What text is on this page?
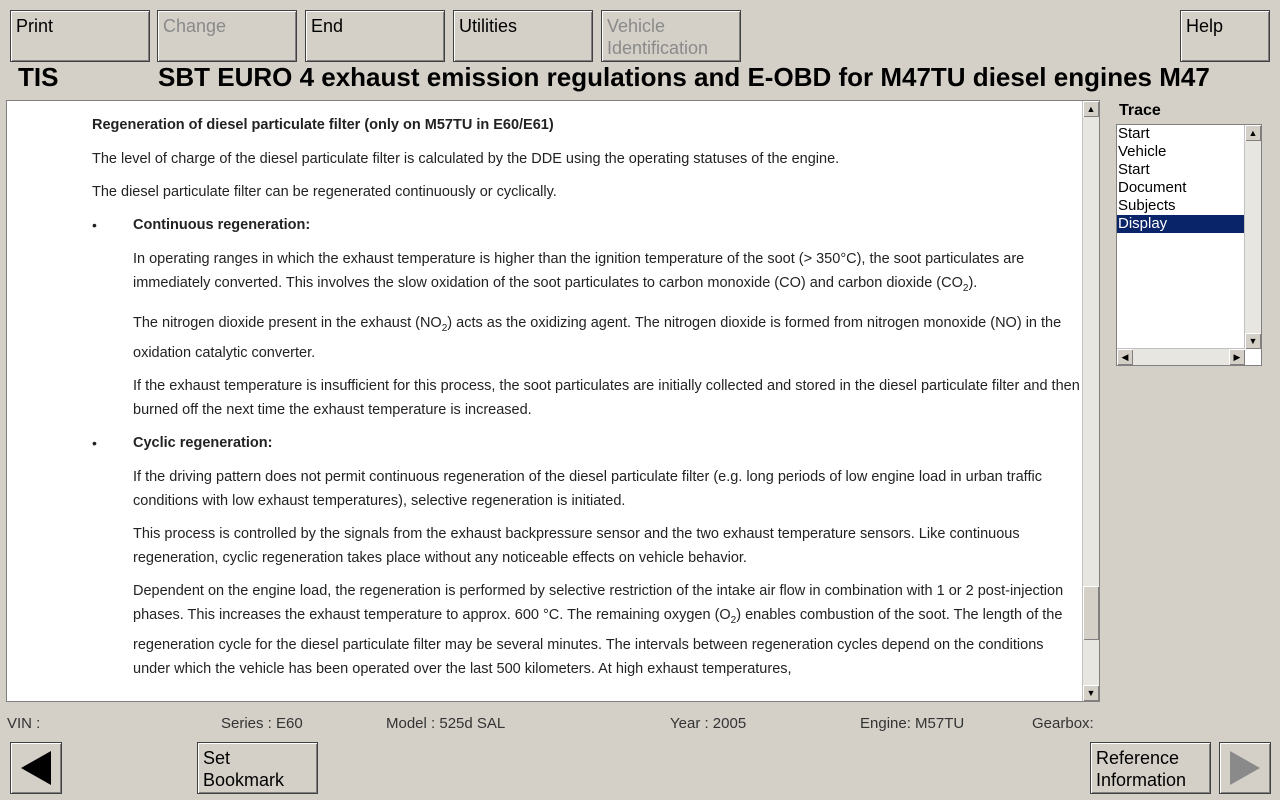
Print	Change	End	Utilities	Vehicle
Identification
Help
TIS	SBT EURO 4 exhaust emission regulations and E-OBD for M47TU diesel engines M47
Regeneration of diesel particulate filter (only on M57TU in E60/E61)

The level of charge of the diesel particulate filter is calculated by the DDE using the operating statuses of the engine.

The diesel particulate filter can be regenerated continuously or cyclically.

• Continuous regeneration:

In operating ranges in which the exhaust temperature is higher than the ignition temperature of the soot (> 350°C), the soot particulates are immediately converted. This involves the slow oxidation of the soot particulates to carbon monoxide (CO) and carbon dioxide $(CO_2)$.

The nitrogen dioxide present in the exhaust $(NO_2)$ acts as the oxidizing agent. The nitrogen dioxide is formed from nitrogen monoxide (NO) in the oxidation catalytic converter.

If the exhaust temperature is insufficient for this process, the soot particulates are initially collected and stored in the diesel particulate filter and then burned off the next time the exhaust temperature is increased.

• Cyclic regeneration:

If the driving pattern does not permit continuous regeneration of the diesel particulate filter (e.g. long periods of low engine load in urban traffic conditions with low exhaust temperatures), selective regeneration is initiated.

This process is controlled by the signals from the exhaust backpressure sensor and the two exhaust temperature sensors. Like continuous regeneration, cyclic regeneration takes place without any noticeable effects on vehicle behavior.

Dependent on the engine load, the regeneration is performed by selective restriction of the intake air flow in combination with 1 or 2 post-injection phases. This increases the exhaust temperature to approx. 600 °C. The remaining oxygen $(O_2)$ enables combustion of the soot. The length of the regeneration cycle for the diesel particulate filter may be several minutes. The intervals between regeneration cycles depend on the conditions under which the vehicle has been operated over the last 500 kilometers. At high exhaust temperatures,

▲
▼
Trace
Start
Vehicle
Start
Document
Subjects
Display
▲
▼
◀	▶
VIN :	Series : E60	Model : 525d SAL	Year : 2005	Engine: M57TU	Gearbox:
Set
Bookmark
Reference
Information
